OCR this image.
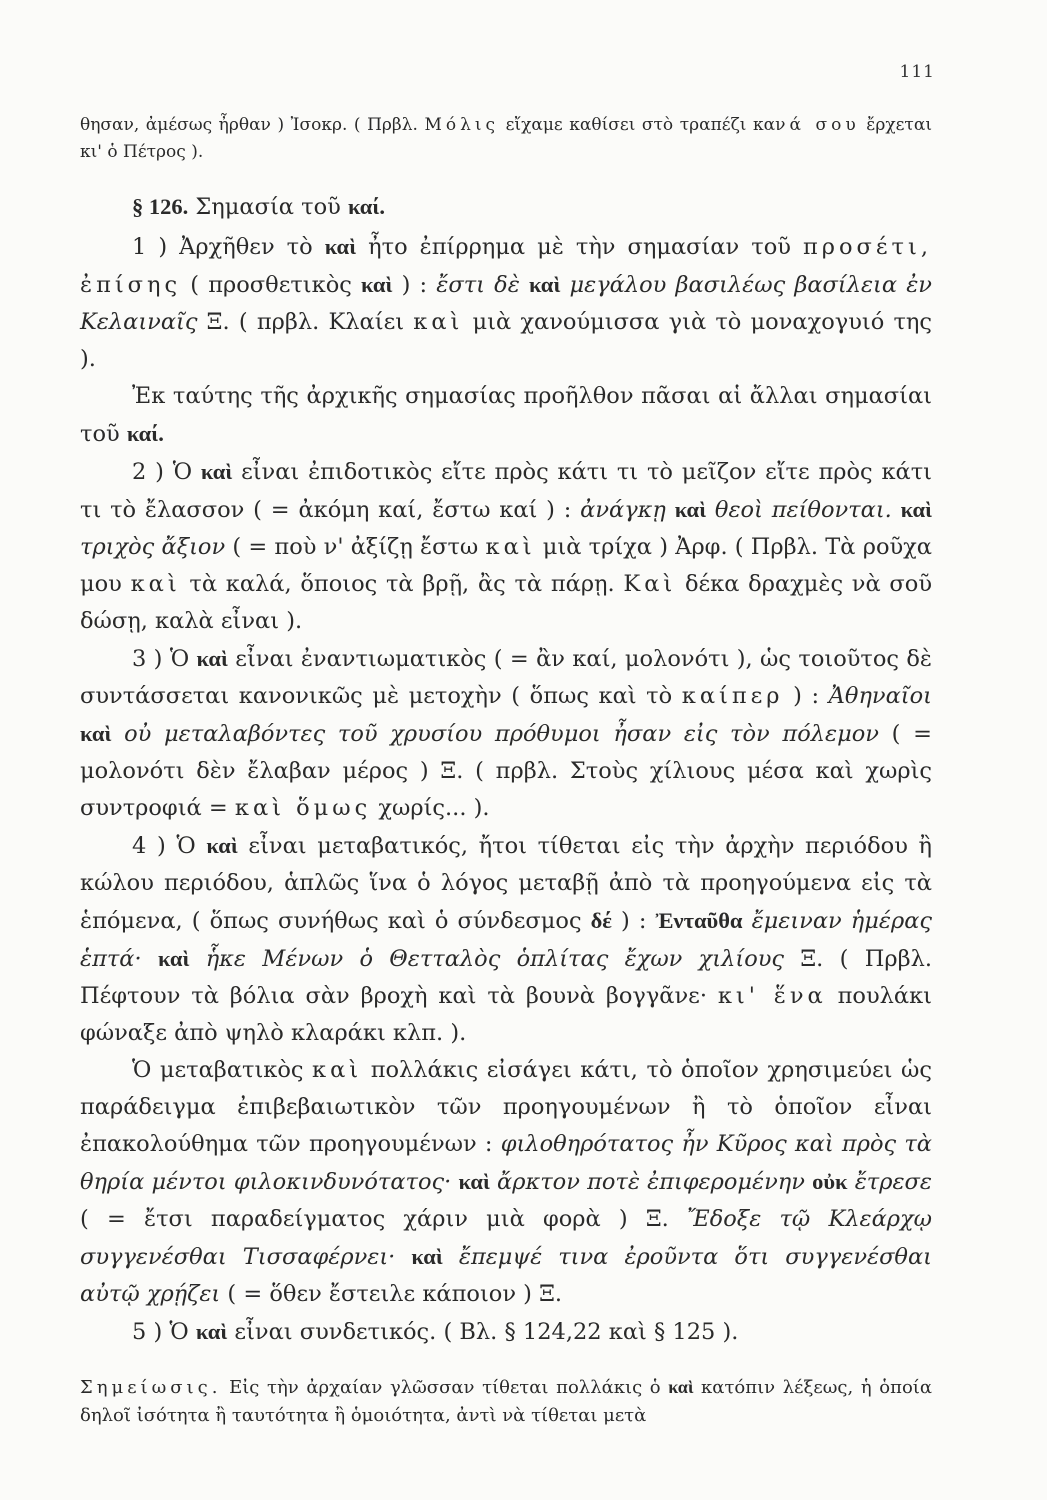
111

θησαν, ἀμέσως ἦρθαν ) Ἰσοκρ. ( Πρβλ. Μόλις εἴχαμε καθίσει στὸ τραπέζι κανά σου ἔρχεται κι' ὁ Πέτρος ).

§ 126. Σημασία τοῦ καί.

1 ) Ἀρχῆθεν τὸ καὶ ἦτο ἐπίρρημα μὲ τὴν σημασίαν τοῦ προσέτι, ἐπίσης ( προσθετικὸς καὶ ) : ἔστι δὲ καὶ μεγάλου βασιλέως βασίλεια ἐν Κελαιναῖς Ξ. ( πρβλ. Κλαίει καὶ μιὰ χανούμισσα γιὰ τὸ μοναχογυιό της ).

Ἐκ ταύτης τῆς ἀρχικῆς σημασίας προῆλθον πᾶσαι αἱ ἄλλαι σημασίαι τοῦ καί.

2 ) Ὁ καὶ εἶναι ἐπιδοτικὸς εἴτε πρὸς κάτι τι τὸ μεῖζον εἴτε πρὸς κάτι τι τὸ ἔλασσον ( = ἀκόμη καί, ἔστω καί ) : ἀνάγκῃ καὶ θεοὶ πείθονται. καὶ τριχὸς ἄξιον ( = ποὺ ν' ἀξίζῃ ἔστω καὶ μιὰ τρίχα ) Ἀρφ. ( Πρβλ. Τὰ ροῦχα μου καὶ τὰ καλά, ὅποιος τὰ βρῇ, ἂς τὰ πάρῃ. Καὶ δέκα δραχμὲς νὰ σοῦ δώσῃ, καλὰ εἶναι ).

3 ) Ὁ καὶ εἶναι ἐναντιωματικὸς ( = ἂν καί, μολονότι ), ὡς τοιοῦτος δὲ συντάσσεται κανονικῶς μὲ μετοχὴν ( ὅπως καὶ τὸ καίπερ ) : Ἀθηναῖοι καὶ οὐ μεταλαβόντες τοῦ χρυσίου πρόθυμοι ἦσαν εἰς τὸν πόλεμον ( = μολονότι δὲν ἔλαβαν μέρος ) Ξ. ( πρβλ. Στοὺς χίλιους μέσα καὶ χωρὶς συντροφιά = καὶ ὅμως χωρίς... ).

4 ) Ὁ καὶ εἶναι μεταβατικός, ἤτοι τίθεται εἰς τὴν ἀρχὴν περιόδου ἢ κώλου περιόδου, ἁπλῶς ἵνα ὁ λόγος μεταβῇ ἀπὸ τὰ προηγούμενα εἰς τὰ ἑπόμενα, ( ὅπως συνήθως καὶ ὁ σύνδεσμος δέ ) : Ἐνταῦθα ἔμειναν ἡμέρας ἑπτά· καὶ ἧκε Μένων ὁ Θετταλὸς ὁπλίτας ἔχων χιλίους Ξ. ( Πρβλ. Πέφτουν τὰ βόλια σὰν βροχὴ καὶ τὰ βουνὰ βογγᾶνε· κι' ἕνα πουλάκι φώναξε ἀπὸ ψηλὸ κλαράκι κλπ. ).

Ὁ μεταβατικὸς καὶ πολλάκις εἰσάγει κάτι, τὸ ὁποῖον χρησιμεύει ὡς παράδειγμα ἐπιβεβαιωτικὸν τῶν προηγουμένων ἢ τὸ ὁποῖον εἶναι ἐπακολούθημα τῶν προηγουμένων : φιλοθηρότατος ἦν Κῦρος καὶ πρὸς τὰ θηρία μέντοι φιλοκινδυνότατος· καὶ ἄρκτον ποτὲ ἐπιφερομένην οὐκ ἔτρεσε ( = ἔτσι παραδείγματος χάριν μιὰ φορὰ ) Ξ. Ἔδοξε τῷ Κλεάρχῳ συγγενέσθαι Τισσαφέρνει· καὶ ἔπεμψέ τινα ἐροῦντα ὅτι συγγενέσθαι αὐτῷ χρῄζει ( = ὅθεν ἔστειλε κάποιον ) Ξ.

5 ) Ὁ καὶ εἶναι συνδετικός. ( Βλ. § 124,22 καὶ § 125 ).

Σημείωσις. Εἰς τὴν ἀρχαίαν γλῶσσαν τίθεται πολλάκις ὁ καὶ κατόπιν λέξεως, ἡ ὁποία δηλοῖ ἰσότητα ἢ ταυτότητα ἢ ὁμοιότητα, ἀντὶ νὰ τίθεται μετὰ
